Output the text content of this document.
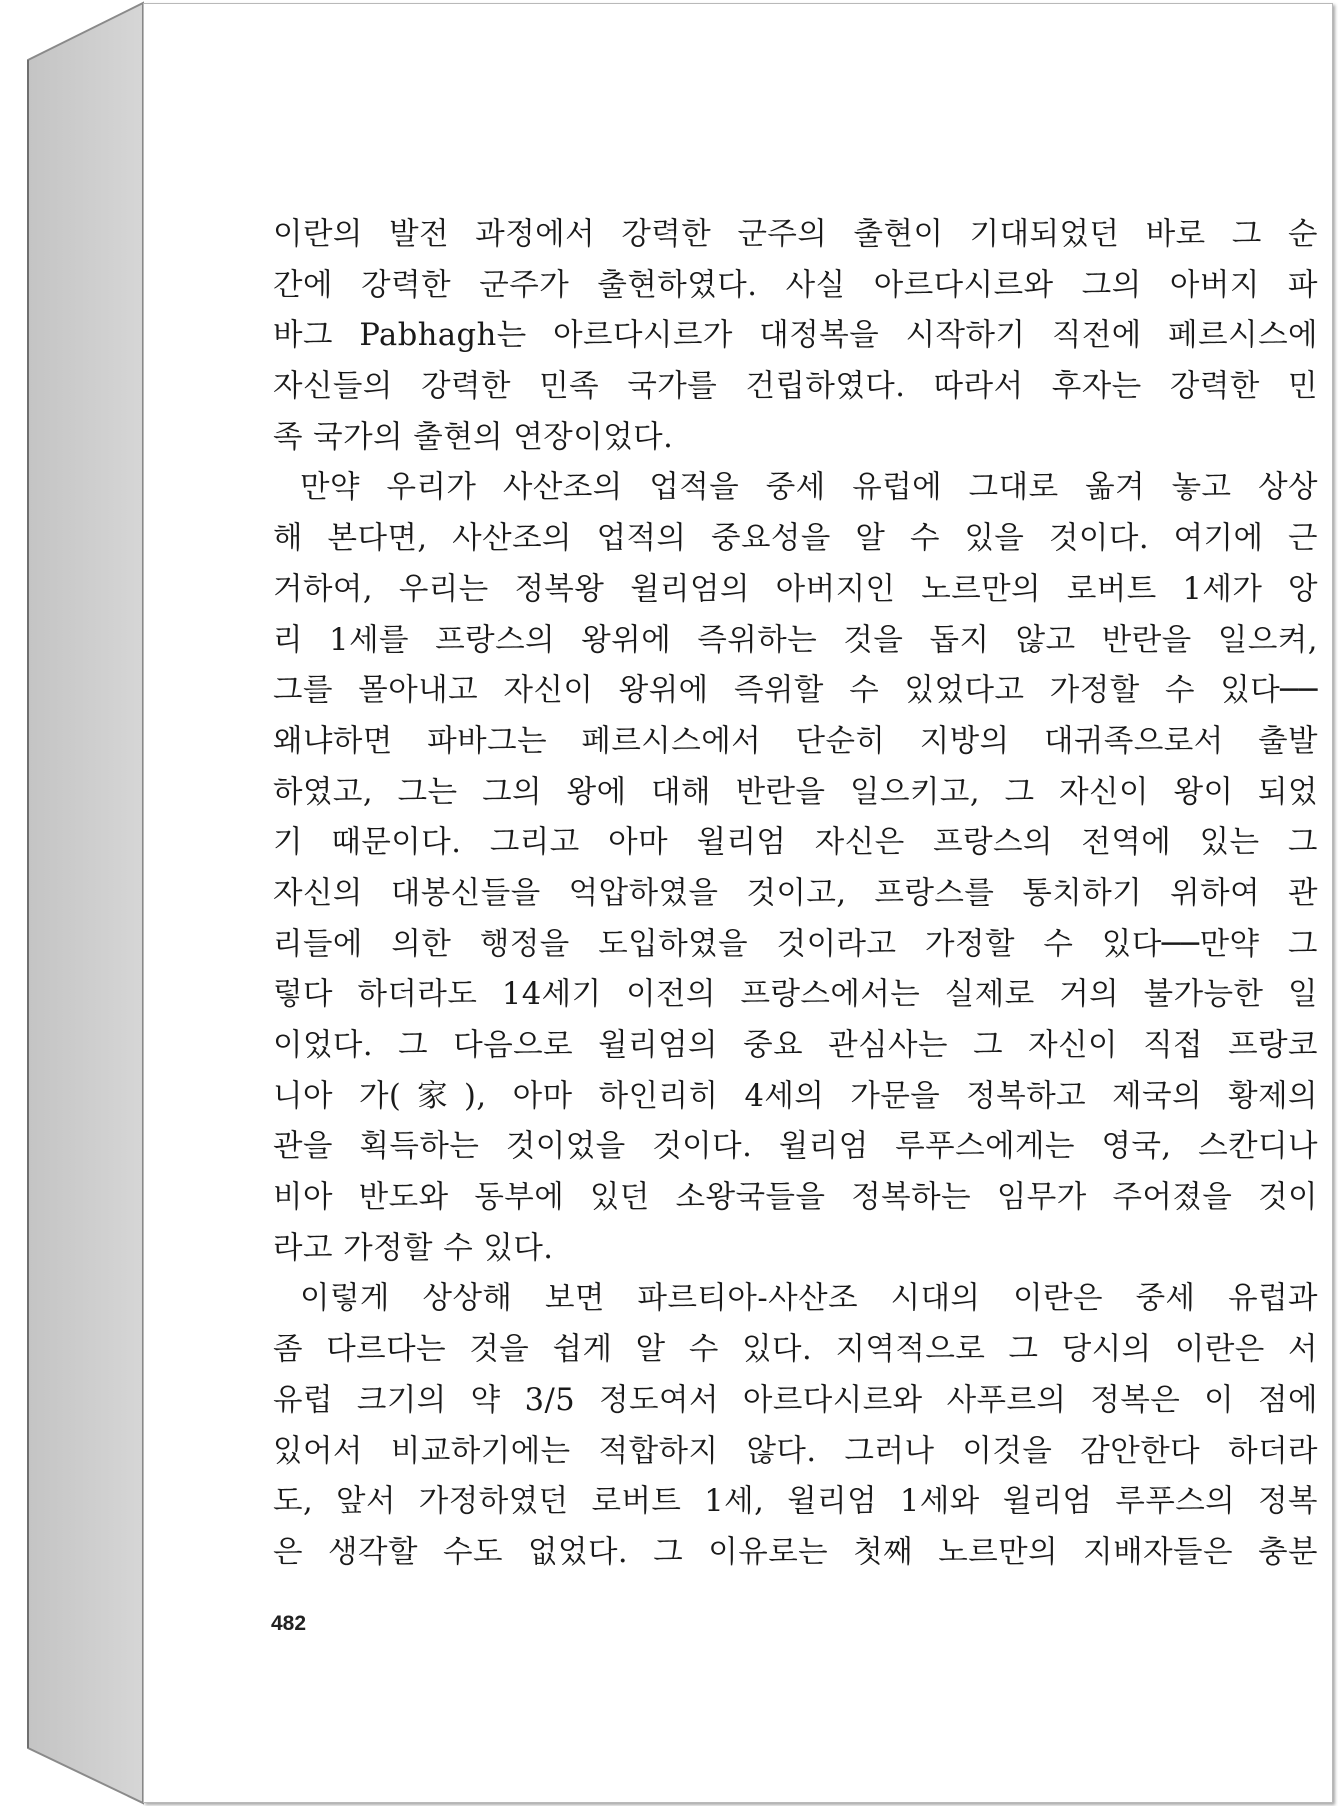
이란의 발전 과정에서 강력한 군주의 출현이 기대되었던 바로 그 순
간에 강력한 군주가 출현하였다. 사실 아르다시르와 그의 아버지 파
바그 Pabhagh는 아르다시르가 대정복을 시작하기 직전에 페르시스에
자신들의 강력한 민족 국가를 건립하였다. 따라서 후자는 강력한 민
족 국가의 출현의 연장이었다.
만약 우리가 사산조의 업적을 중세 유럽에 그대로 옮겨 놓고 상상
해 본다면, 사산조의 업적의 중요성을 알 수 있을 것이다. 여기에 근
거하여, 우리는 정복왕 윌리엄의 아버지인 노르만의 로버트 1세가 앙
리 1세를 프랑스의 왕위에 즉위하는 것을 돕지 않고 반란을 일으켜,
그를 몰아내고 자신이 왕위에 즉위할 수 있었다고 가정할 수 있다──
왜냐하면 파바그는 페르시스에서 단순히 지방의 대귀족으로서 출발
하였고, 그는 그의 왕에 대해 반란을 일으키고, 그 자신이 왕이 되었
기 때문이다. 그리고 아마 윌리엄 자신은 프랑스의 전역에 있는 그
자신의 대봉신들을 억압하였을 것이고, 프랑스를 통치하기 위하여 관
리들에 의한 행정을 도입하였을 것이라고 가정할 수 있다──만약 그
렇다 하더라도 14세기 이전의 프랑스에서는 실제로 거의 불가능한 일
이었다. 그 다음으로 윌리엄의 중요 관심사는 그 자신이 직접 프랑코
니아 가(家), 아마 하인리히 4세의 가문을 정복하고 제국의 황제의
관을 획득하는 것이었을 것이다. 윌리엄 루푸스에게는 영국, 스칸디나
비아 반도와 동부에 있던 소왕국들을 정복하는 임무가 주어졌을 것이
라고 가정할 수 있다.
이렇게 상상해 보면 파르티아-사산조 시대의 이란은 중세 유럽과
좀 다르다는 것을 쉽게 알 수 있다. 지역적으로 그 당시의 이란은 서
유럽 크기의 약 3/5 정도여서 아르다시르와 사푸르의 정복은 이 점에
있어서 비교하기에는 적합하지 않다. 그러나 이것을 감안한다 하더라
도, 앞서 가정하였던 로버트 1세, 윌리엄 1세와 윌리엄 루푸스의 정복
은 생각할 수도 없었다. 그 이유로는 첫째 노르만의 지배자들은 충분
482
